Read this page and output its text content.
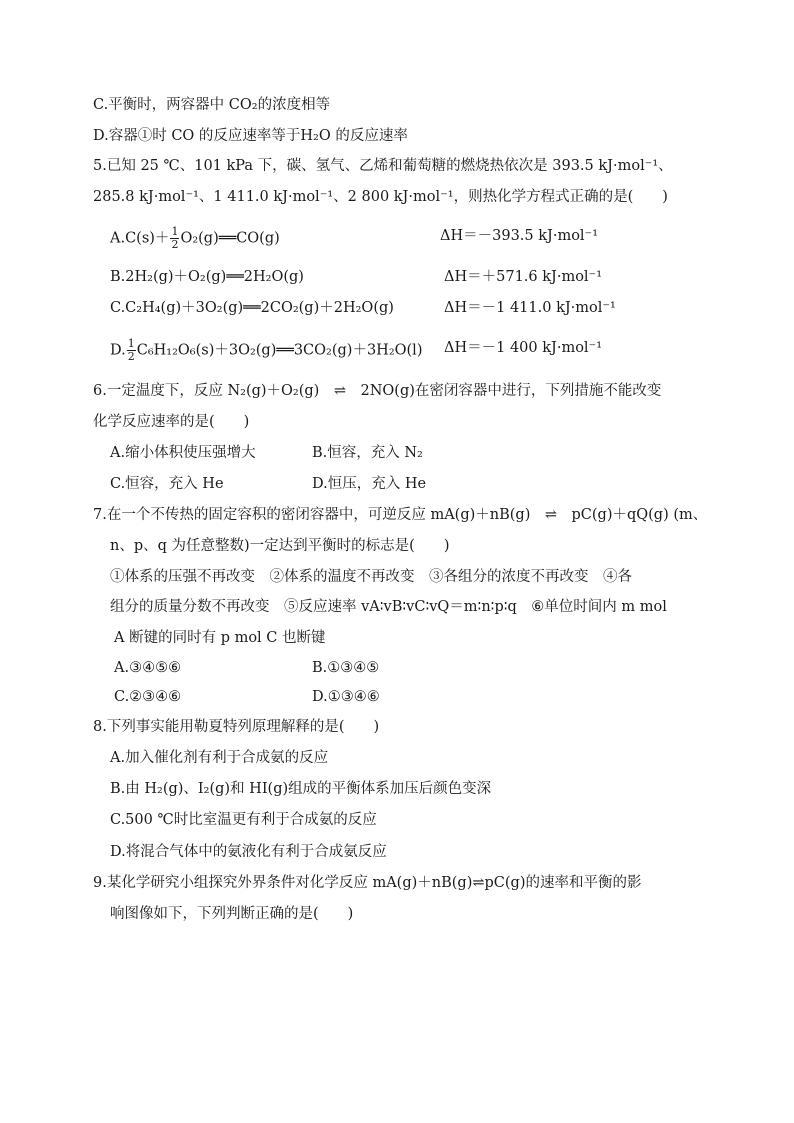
C.平衡时，两容器中 CO₂的浓度相等
D.容器①时 CO 的反应速率等于H₂O 的反应速率
5.已知 25 ℃、101 kPa 下，碳、氢气、乙烯和葡萄糖的燃烧热依次是 393.5 kJ·mol⁻¹、
285.8 kJ·mol⁻¹、1 411.0 kJ·mol⁻¹、2 800 kJ·mol⁻¹，则热化学方程式正确的是(　　)
$A.C(s)+ \frac{1}{2}$ O₂(g)══CO(g)	ΔH＝－393.5 kJ·mol⁻¹
B.2H₂(g)＋O₂(g)══2H₂O(g)	ΔH＝＋571.6 kJ·mol⁻¹
C.C₂H₄(g)＋3O₂(g)══2CO₂(g)＋2H₂O(g)	ΔH＝－1 411.0 kJ·mol⁻¹
D. $\frac{1}{2}$ C₆H₁₂O₆(s)＋3O₂(g)══3CO₂(g)＋3H₂O(l) ΔH＝－1 400 kJ·mol⁻¹
6.一定温度下，反应 N₂(g)＋O₂(g)　⇌　2NO(g)在密闭容器中进行，下列措施不能改变
化学反应速率的是(　　)
A.缩小体积使压强增大	B.恒容，充入 N₂
C.恒容，充入 He	D.恒压，充入 He
7.在一个不传热的固定容积的密闭容器中，可逆反应 mA(g)＋nB(g)　⇌　pC(g)＋qQ(g) (m、
n、p、q 为任意整数)一定达到平衡时的标志是(　　)
①体系的压强不再改变　②体系的温度不再改变　③各组分的浓度不再改变　④各
组分的质量分数不再改变　⑤反应速率 vA∶vB∶vC∶vQ＝m∶n∶p∶q　⑥单位时间内 m mol
A 断键的同时有 p mol C 也断键
A.③④⑤⑥	B.①③④⑤
C.②③④⑥	D.①③④⑥
8.下列事实能用勒夏特列原理解释的是(　　)
A.加入催化剂有利于合成氨的反应
B.由 H₂(g)、I₂(g)和 HI(g)组成的平衡体系加压后颜色变深
C.500 ℃时比室温更有利于合成氨的反应
D.将混合气体中的氨液化有利于合成氨反应
9.某化学研究小组探究外界条件对化学反应 mA(g)＋nB(g)⇌pC(g)的速率和平衡的影
响图像如下，下列判断正确的是(　　)
